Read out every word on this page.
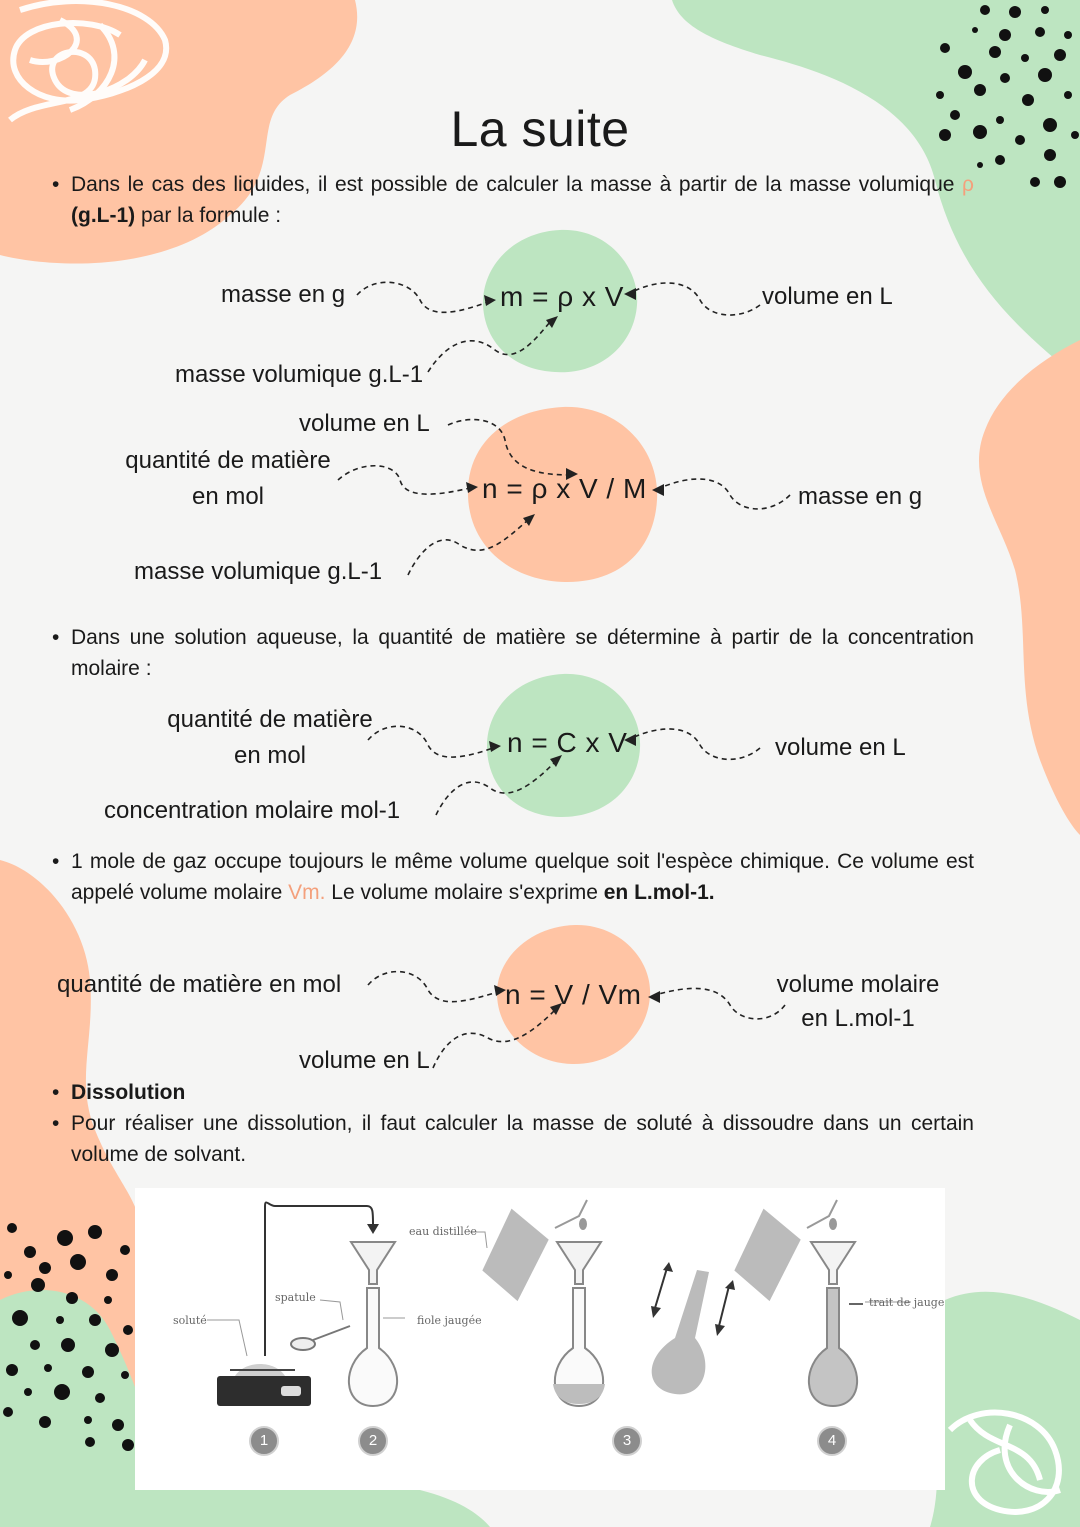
La suite
• Dans le cas des liquides, il est possible de calculer la masse à partir de la masse volumique ρ (g.L-1) par la formule :
masse en g
masse volumique g.L-1
m = ρ x V	volume en L
volume en L
quantité de matière
en mol	n = ρ x V / M	masse en g
masse volumique g.L-1
• Dans une solution aqueuse, la quantité de matière se détermine à partir de la concentration molaire :
quantité de matière
en mol	n = C x V	volume en L
concentration molaire mol-1
• 1 mole de gaz occupe toujours le même volume quelque soit l'espèce chimique. Ce volume est appelé volume molaire Vm. Le volume molaire s'exprime en L.mol-1.
quantité de matière en mol	n = V / Vm	volume molaire
en L.mol-1
volume en L
• Dissolution
• Pour réaliser une dissolution, il faut calculer la masse de soluté à dissoudre dans un certain volume de solvant.
soluté
spatule
eau distillée
fiole jaugée
trait de jauge
1	2	3	4
